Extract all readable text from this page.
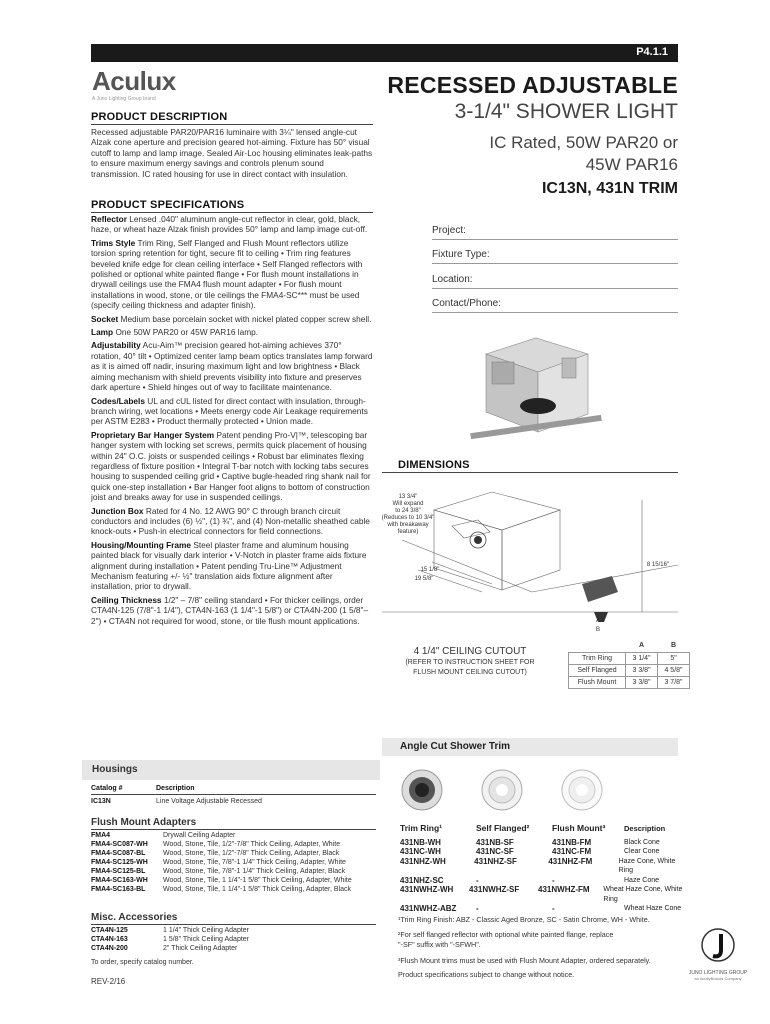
P4.1.1
Aculux
A Juno Lighting Group brand
RECESSED ADJUSTABLE
3-1/4" SHOWER LIGHT
IC Rated, 50W PAR20 or
45W PAR16
IC13N, 431N TRIM
PRODUCT DESCRIPTION
Recessed adjustable PAR20/PAR16 luminaire with 3¼" lensed angle-cut Alzak cone aperture and precision geared hot-aiming. Fixture has 50° visual cutoff to lamp and lamp image. Sealed Air-Loc housing eliminates leak-paths to ensure maximum energy savings and controls plenum sound transmission. IC rated housing for use in direct contact with insulation.
PRODUCT SPECIFICATIONS
Reflector Lensed .040" aluminum angle-cut reflector in clear, gold, black, haze, or wheat haze Alzak finish provides 50° lamp and lamp image cut-off.
Trims Style Trim Ring, Self Flanged and Flush Mount reflectors utilize torsion spring retention for tight, secure fit to ceiling • Trim ring features beveled knife edge for clean ceiling interface • Self Flanged reflectors with polished or optional white painted flange • For flush mount installations in drywall ceilings use the FMA4 flush mount adapter • For flush mount installations in wood, stone, or tile ceilings the FMA4-SC*** must be used (specify ceiling thickness and adapter finish).
Socket Medium base porcelain socket with nickel plated copper screw shell.
Lamp One 50W PAR20 or 45W PAR16 lamp.
Adjustability Acu-Aim™ precision geared hot-aiming achieves 370° rotation, 40° tilt • Optimized center lamp beam optics translates lamp forward as it is aimed off nadir, insuring maximum light and low brightness • Black aiming mechanism with shield prevents visibility into fixture and preserves dark aperture • Shield hinges out of way to facilitate maintenance.
Codes/Labels UL and cUL listed for direct contact with insulation, through-branch wiring, wet locations • Meets energy code Air Leakage requirements per ASTM E283 • Product thermally protected • Union made.
Proprietary Bar Hanger System Patent pending Pro-V|™, telescoping bar hanger system with locking set screws, permits quick placement of housing within 24" O.C. joists or suspended ceilings • Robust bar eliminates flexing regardless of fixture position • Integral T-bar notch with locking tabs secures housing to suspended ceiling grid • Captive bugle-headed ring shank nail for quick one-step installation • Bar Hanger foot aligns to bottom of construction joist and breaks away for use in suspended ceilings.
Junction Box Rated for 4 No. 12 AWG 90° C through branch circuit conductors and includes (6) ½", (1) ¾", and (4) Non-metallic sheathed cable knock-outs • Push-in electrical connectors for field connections.
Housing/Mounting Frame Steel plaster frame and aluminum housing painted black for visually dark interior • V-Notch in plaster frame aids fixture alignment during installation • Patent pending Tru-Line™ Adjustment Mechanism featuring +/- ½" translation aids fixture alignment after installation, prior to drywall.
Ceiling Thickness 1/2" – 7/8" ceiling standard • For thicker ceilings, order CTA4N-125 (7/8"-1 1/4"), CTA4N-163 (1 1/4"-1 5/8") or CTA4N-200 (1 5/8"– 2") • CTA4N not required for wood, stone, or tile flush mount applications.
Project:
Fixture Type:
Location:
Contact/Phone:
DIMENSIONS
13 3/4"
Will expand
to 24 3/8"
(Reduces to 10 3/4"
with breakaway
feature)
15 1/8"
19 5/8"
8 15/16"
A
B
4 1/4" CEILING CUTOUT
(REFER TO INSTRUCTION SHEET FOR
FLUSH MOUNT CEILING CUTOUT)
	A	B
Trim Ring	3 1/4"	5"
Self Flanged	3 3/8"	4 5/8"
Flush Mount	3 3/8"	3 7/8"
Angle Cut Shower Trim
Housings
Catalog #	Description
IC13N	Line Voltage Adjustable Recessed
Flush Mount Adapters
FMA4	Drywall Ceiling Adapter
FMA4-SC087-WH	Wood, Stone, Tile, 1/2"-7/8" Thick Ceiling, Adapter, White
FMA4-SC087-BL	Wood, Stone, Tile, 1/2"-7/8" Thick Ceiling, Adapter, Black
FMA4-SC125-WH	Wood, Stone, Tile, 7/8"-1 1/4" Thick Ceiling, Adapter, White
FMA4-SC125-BL	Wood, Stone, Tile, 7/8"-1 1/4" Thick Ceiling, Adapter, Black
FMA4-SC163-WH	Wood, Stone, Tile, 1 1/4"-1 5/8" Thick Ceiling, Adapter, White
FMA4-SC163-BL	Wood, Stone, Tile, 1 1/4"-1 5/8" Thick Ceiling, Adapter, Black
Misc. Accessories
CTA4N-125	1 1/4" Thick Ceiling Adapter
CTA4N-163	1 5/8" Thick Ceiling Adapter
CTA4N-200	2" Thick Ceiling Adapter
To order, specify catalog number.
Trim Ring¹	Self Flanged²	Flush Mount³	Description
431NB-WH	431NB-SF	431NB-FM	Black Cone
431NC-WH	431NC-SF	431NC-FM	Clear Cone
431NHZ-WH	431NHZ-SF	431NHZ-FM	Haze Cone, White Ring
431NHZ-SC	-	-	Haze Cone
431NWHZ-WH	431NWHZ-SF	431NWHZ-FM	Wheat Haze Cone, White Ring
431NWHZ-ABZ	-	-	Wheat Haze Cone
¹Trim Ring Finish: ABZ - Classic Aged Bronze, SC - Satin Chrome, WH - White.
²For self flanged reflector with optional white painted flange, replace
"-SF" suffix with "-SFWH".
³Flush Mount trims must be used with Flush Mount Adapter, ordered separately.
Product specifications subject to change without notice.	JUNO LIGHTING GROUP
an AcuityBrands Company
REV-2/16
